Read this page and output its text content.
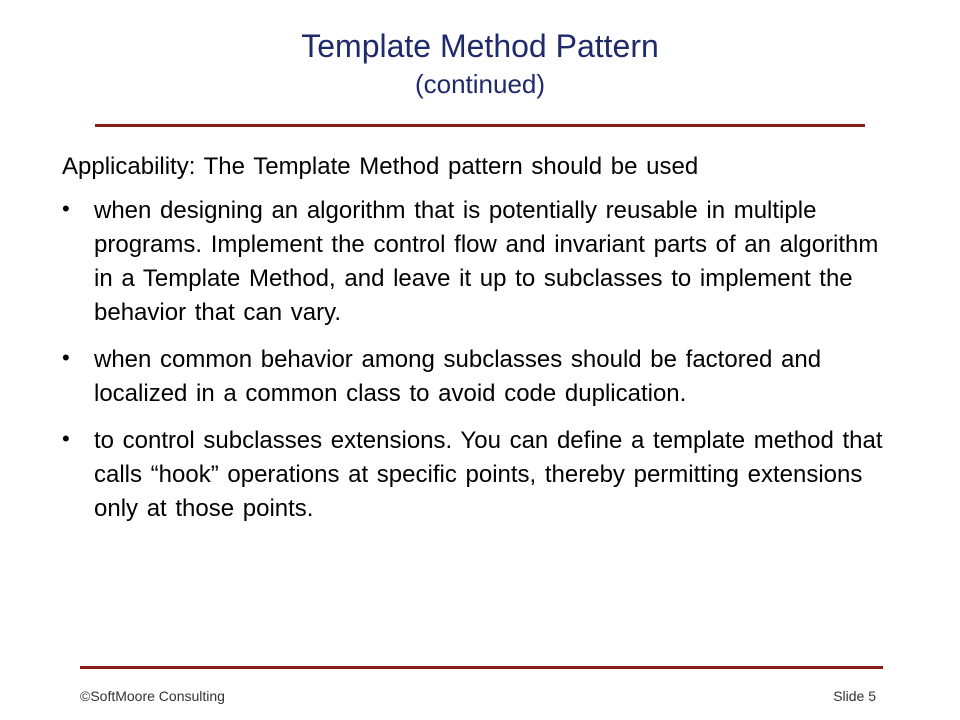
Template Method Pattern
(continued)

Applicability: The Template Method pattern should be used

• when designing an algorithm that is potentially reusable in multiple programs. Implement the control flow and invariant parts of an algorithm in a Template Method, and leave it up to subclasses to implement the behavior that can vary.
• when common behavior among subclasses should be factored and localized in a common class to avoid code duplication.
• to control subclasses extensions. You can define a template method that calls “hook” operations at specific points, thereby permitting extensions only at those points.
©SoftMoore Consulting	Slide 5
